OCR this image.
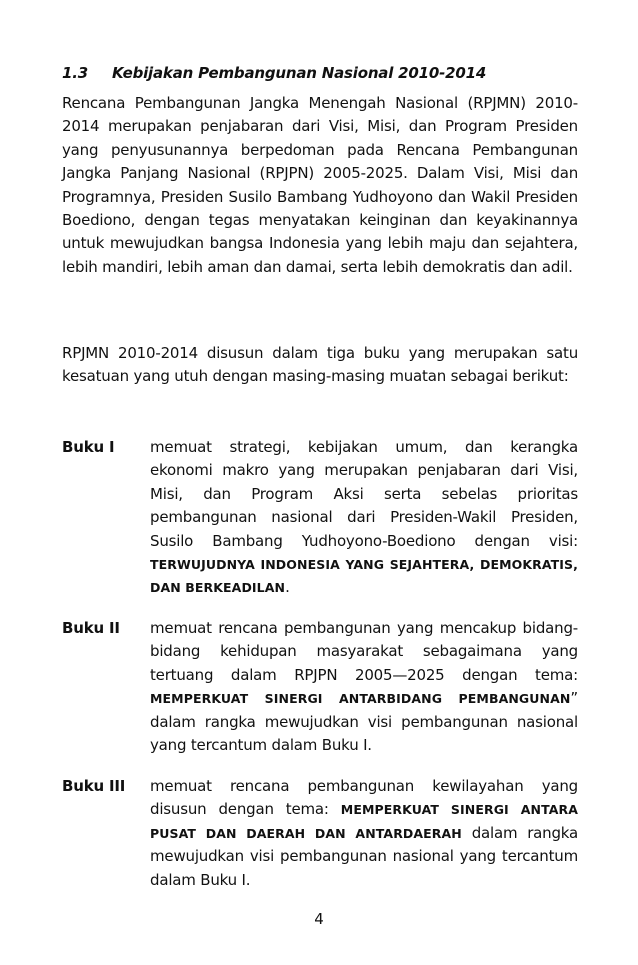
1.3 Kebijakan Pembangunan Nasional 2010-2014
Rencana Pembangunan Jangka Menengah Nasional (RPJMN) 2010-2014 merupakan penjabaran dari Visi, Misi, dan Program Presiden yang penyusunannya berpedoman pada Rencana Pembangunan Jangka Panjang Nasional (RPJPN) 2005-2025. Dalam Visi, Misi dan Programnya, Presiden Susilo Bambang Yudhoyono dan Wakil Presiden Boediono, dengan tegas menyatakan keinginan dan keyakinannya untuk mewujudkan bangsa Indonesia yang lebih maju dan sejahtera, lebih mandiri, lebih aman dan damai, serta lebih demokratis dan adil.
RPJMN 2010-2014 disusun dalam tiga buku yang merupakan satu kesatuan yang utuh dengan masing-masing muatan sebagai berikut:
Buku I	memuat strategi, kebijakan umum, dan kerangka ekonomi makro yang merupakan penjabaran dari Visi, Misi, dan Program Aksi serta sebelas prioritas pembangunan nasional dari Presiden-Wakil Presiden, Susilo Bambang Yudhoyono-Boediono dengan visi: TERWUJUDNYA INDONESIA YANG SEJAHTERA, DEMOKRATIS, DAN BERKEADILAN.
Buku II	memuat rencana pembangunan yang mencakup bidang-bidang kehidupan masyarakat sebagaimana yang tertuang dalam RPJPN 2005—2025 dengan tema: MEMPERKUAT SINERGI ANTARBIDANG PEMBANGUNAN” dalam rangka mewujudkan visi pembangunan nasional yang tercantum dalam Buku I.
Buku III	memuat rencana pembangunan kewilayahan yang disusun dengan tema: MEMPERKUAT SINERGI ANTARA PUSAT DAN DAERAH DAN ANTARDAERAH dalam rangka mewujudkan visi pembangunan nasional yang tercantum dalam Buku I.
4
